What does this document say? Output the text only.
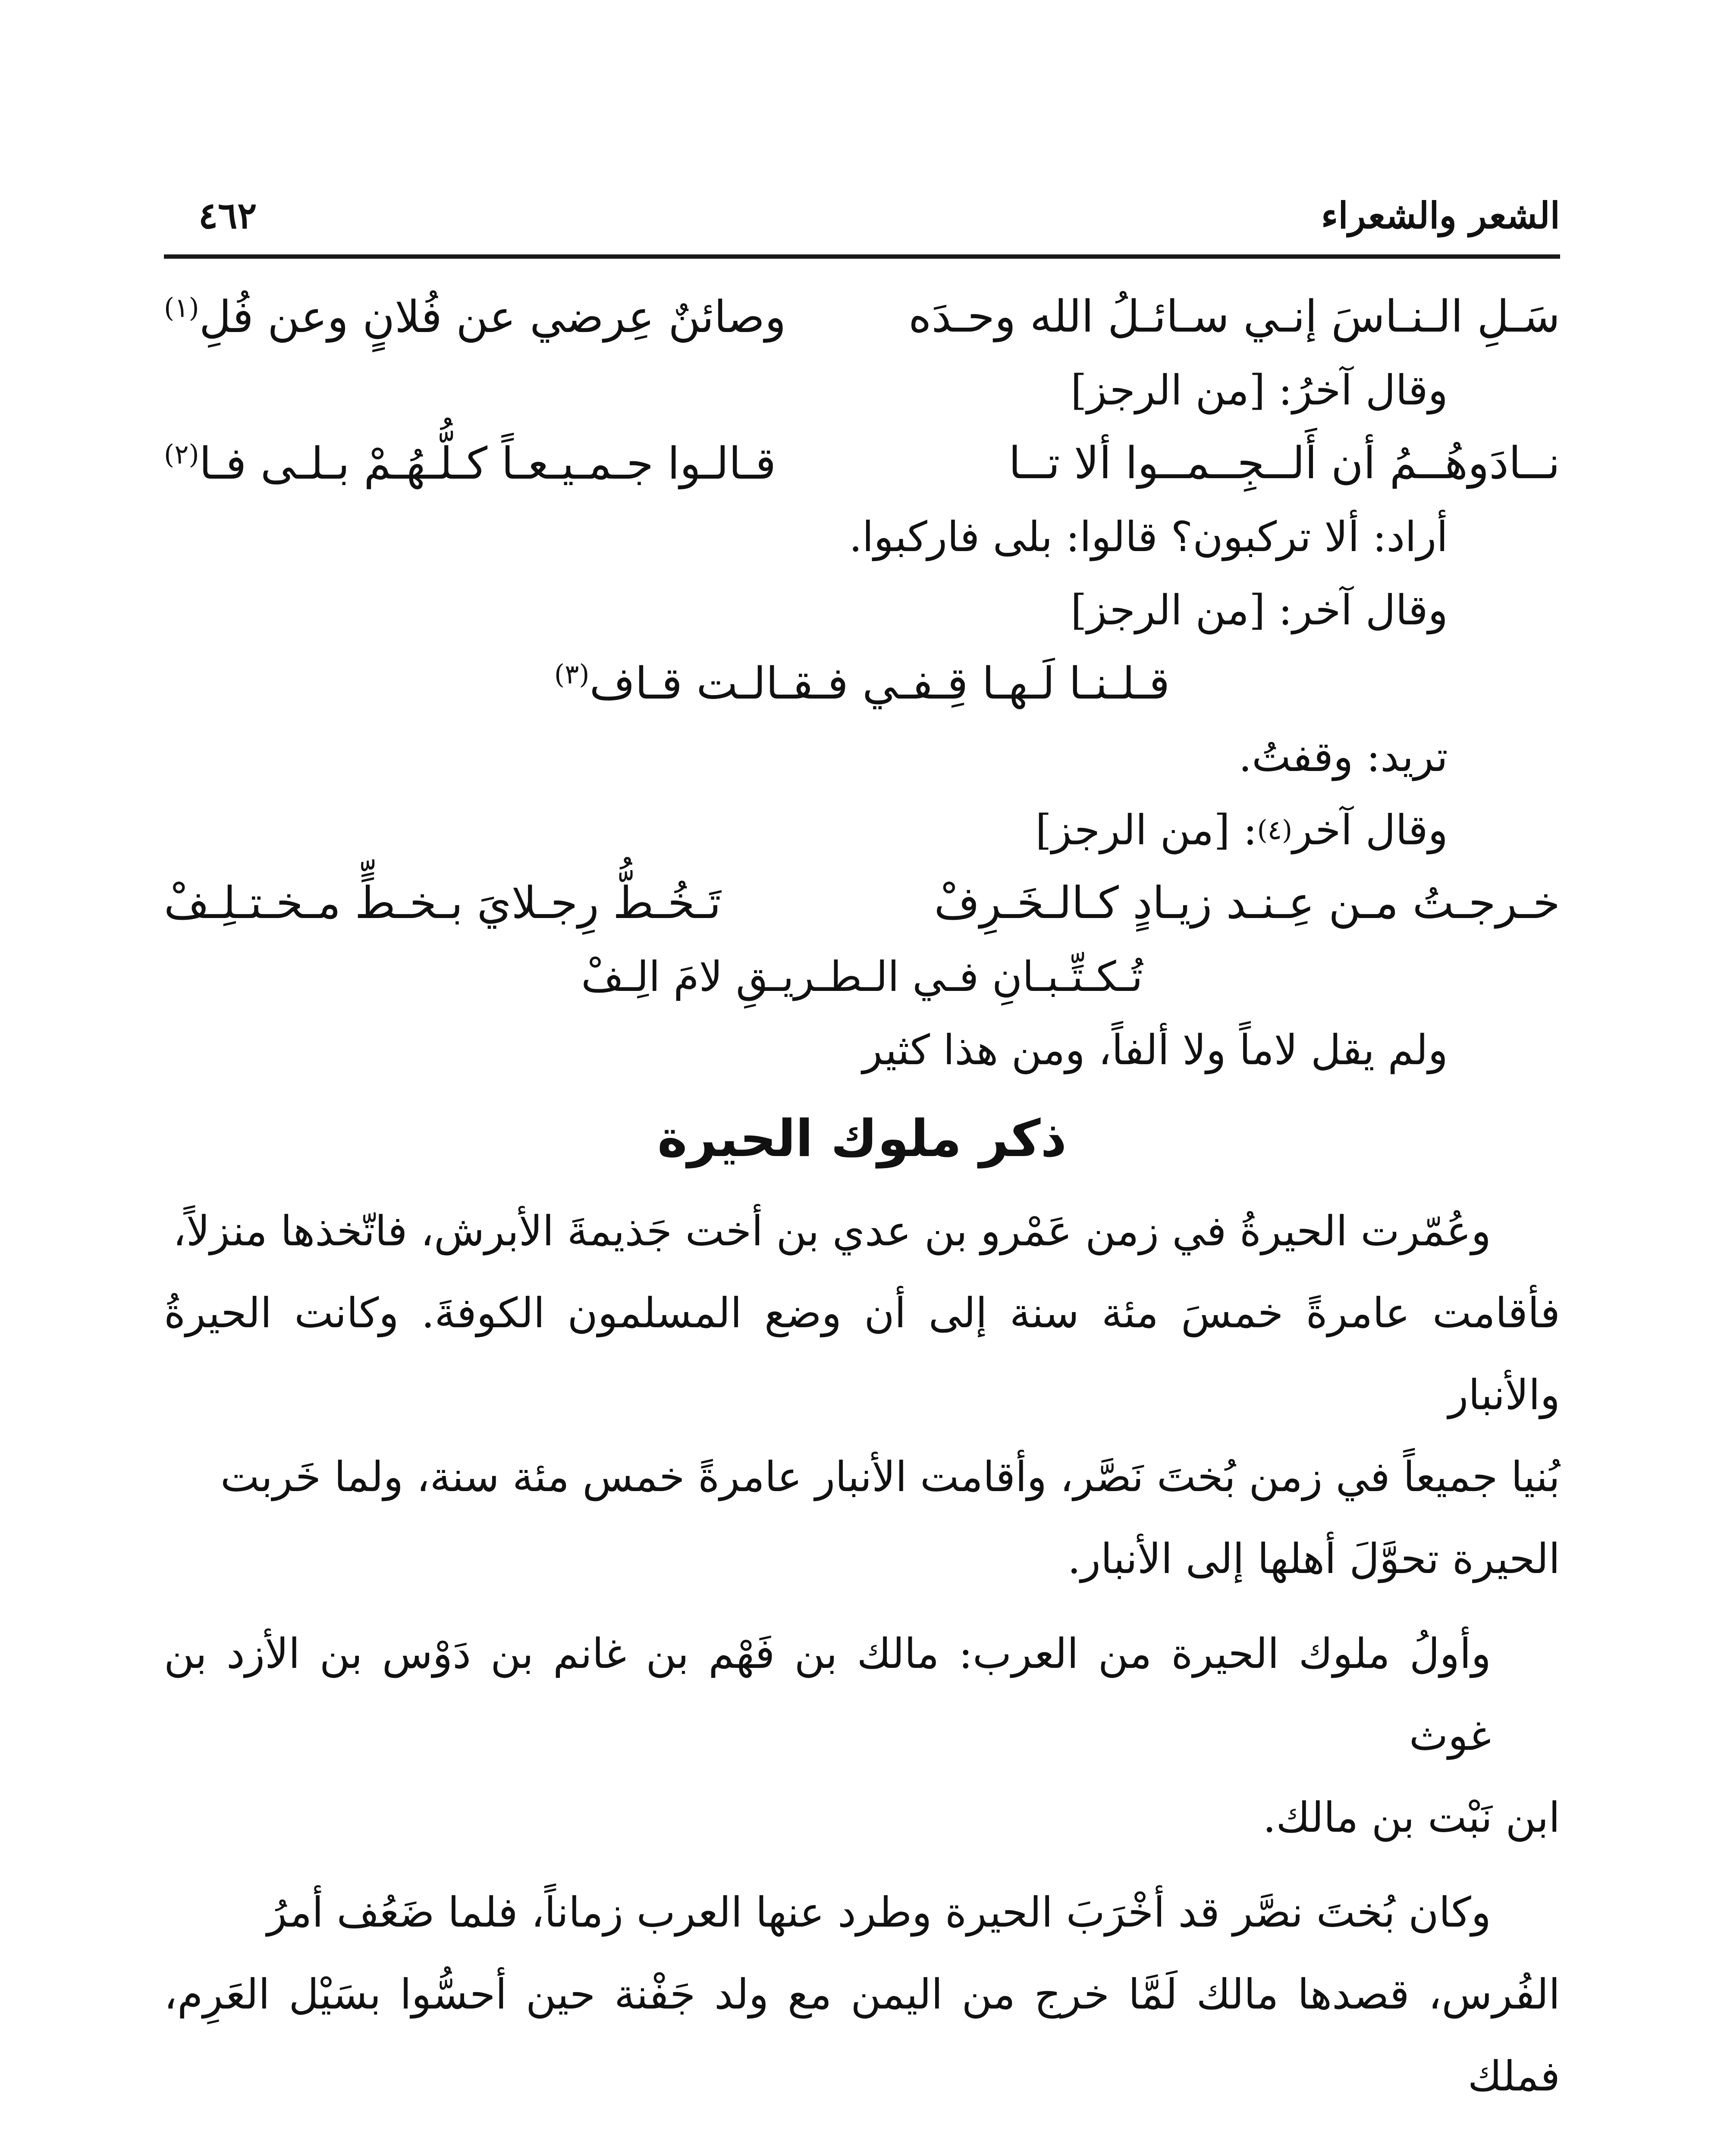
الشعر والشعراء
٤٦٢
سَـلِ الـنـاسَ إنـي سـائـلُ الله وحـدَه
وصائنٌ عِرضي عن فُلانٍ وعن فُلِ$^{(١)}$
وقال آخرُ: [من الرجز]
نــادَوهُــمُ أن أَلــجِــمــوا ألا تــا
قـالـوا جـمـيـعـاً كـلُّـهُـمْ بـلـى فـا$^{(٢)}$
أراد: ألا تركبون؟ قالوا: بلى فاركبوا.
وقال آخر: [من الرجز]
قـلـنـا لَـهـا قِـفـي فـقـالـت قـاف$^{(٣)}$
تريد: وقفتُ.
وقال آخر
(٤)
: [من الرجز]
خـرجـتُ مـن عِـنـد زيـادٍ كـالـخَـرِفْ
تَـخُـطُّ رِجـلايَ بـخـطٍّ مـخـتـلِـفْ
تُـكـتِّـبـانِ فـي الـطـريـقِ لامَ الِـفْ
ولم يقل لاماً ولا ألفاً، ومن هذا كثير
ذكر ملوك الحيرة
وعُمّرت الحيرةُ في زمن عَمْرو بن عدي بن أخت جَذيمةَ الأبرش، فاتّخذها منزلاً،
فأقامت عامرةً خمسَ مئة سنة إلى أن وضع المسلمون الكوفةَ. وكانت الحيرةُ والأنبار
بُنيا جميعاً في زمن بُختَ نَصَّر، وأقامت الأنبار عامرةً خمس مئة سنة، ولما خَربت
الحيرة تحوَّلَ أهلها إلى الأنبار.
وأولُ ملوك الحيرة من العرب: مالك بن فَهْم بن غانم بن دَوْس بن الأزد بن غوث
ابن نَبْت بن مالك.
وكان بُختَ نصَّر قد أخْرَبَ الحيرة وطرد عنها العرب زماناً، فلما ضَعُف أمرُ
الفُرس، قصدها مالك لَمَّا خرج من اليمن مع ولد جَفْنة حين أحسُّوا بسَيْل العَرِم، فملك
